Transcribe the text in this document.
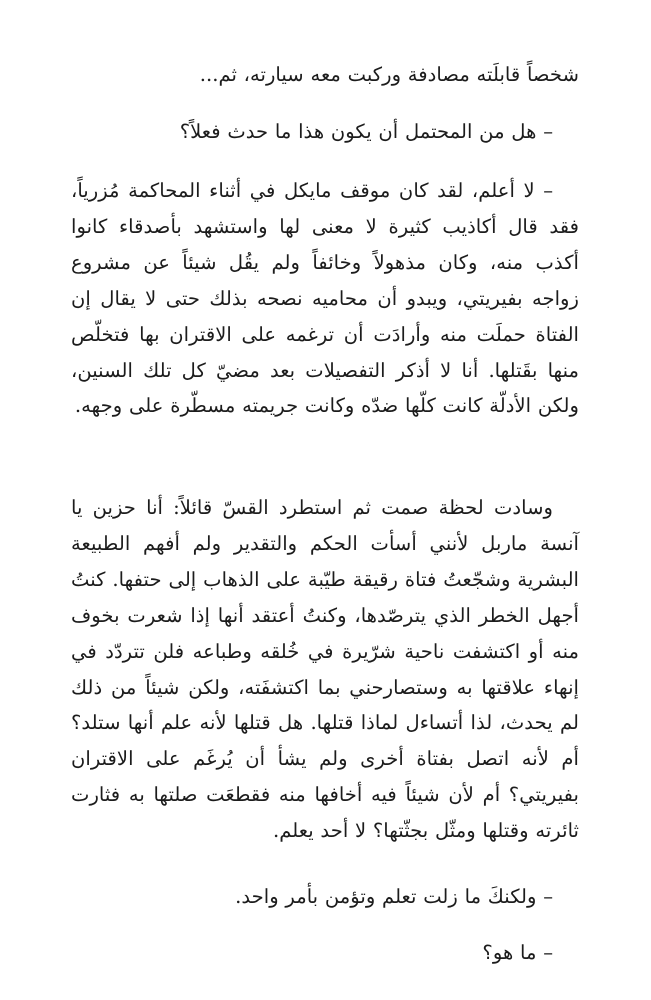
شخصاً قابلَته مصادفة وركبت معه سيارته، ثم...

– هل من المحتمل أن يكون هذا ما حدث فعلاً؟

– لا أعلم، لقد كان موقف مايكل في أثناء المحاكمة مُزرياً، فقد قال أكاذيب كثيرة لا معنى لها واستشهد بأصدقاء كانوا أكذب منه، وكان مذهولاً وخائفاً ولم يقُل شيئاً عن مشروع زواجه بفيريتي، ويبدو أن محاميه نصحه بذلك حتى لا يقال إن الفتاة حملَت منه وأرادَت أن ترغمه على الاقتران بها فتخلّص منها بقَتلها. أنا لا أذكر التفصيلات بعد مضيّ كل تلك السنين، ولكن الأدلّة كانت كلّها ضدّه وكانت جريمته مسطّرة على وجهه.

وسادت لحظة صمت ثم استطرد القسّ قائلاً: أنا حزين يا آنسة ماربل لأنني أسأت الحكم والتقدير ولم أفهم الطبيعة البشرية وشجّعتُ فتاة رقيقة طيّبة على الذهاب إلى حتفها. كنتُ أجهل الخطر الذي يترصّدها، وكنتُ أعتقد أنها إذا شعرت بخوف منه أو اكتشفت ناحية شرّيرة في خُلقه وطباعه فلن تتردّد في إنهاء علاقتها به وستصارحني بما اكتشفَته، ولكن شيئاً من ذلك لم يحدث، لذا أتساءل لماذا قتلها. هل قتلها لأنه علم أنها ستلد؟ أم لأنه اتصل بفتاة أخرى ولم يشأ أن يُرغَم على الاقتران بفيريتي؟ أم لأن شيئاً فيه أخافها منه فقطعَت صلتها به فثارت ثائرته وقتلها ومثّل بجثّتها؟ لا أحد يعلم.

– ولكنكَ ما زلت تعلم وتؤمن بأمر واحد.

– ما هو؟
